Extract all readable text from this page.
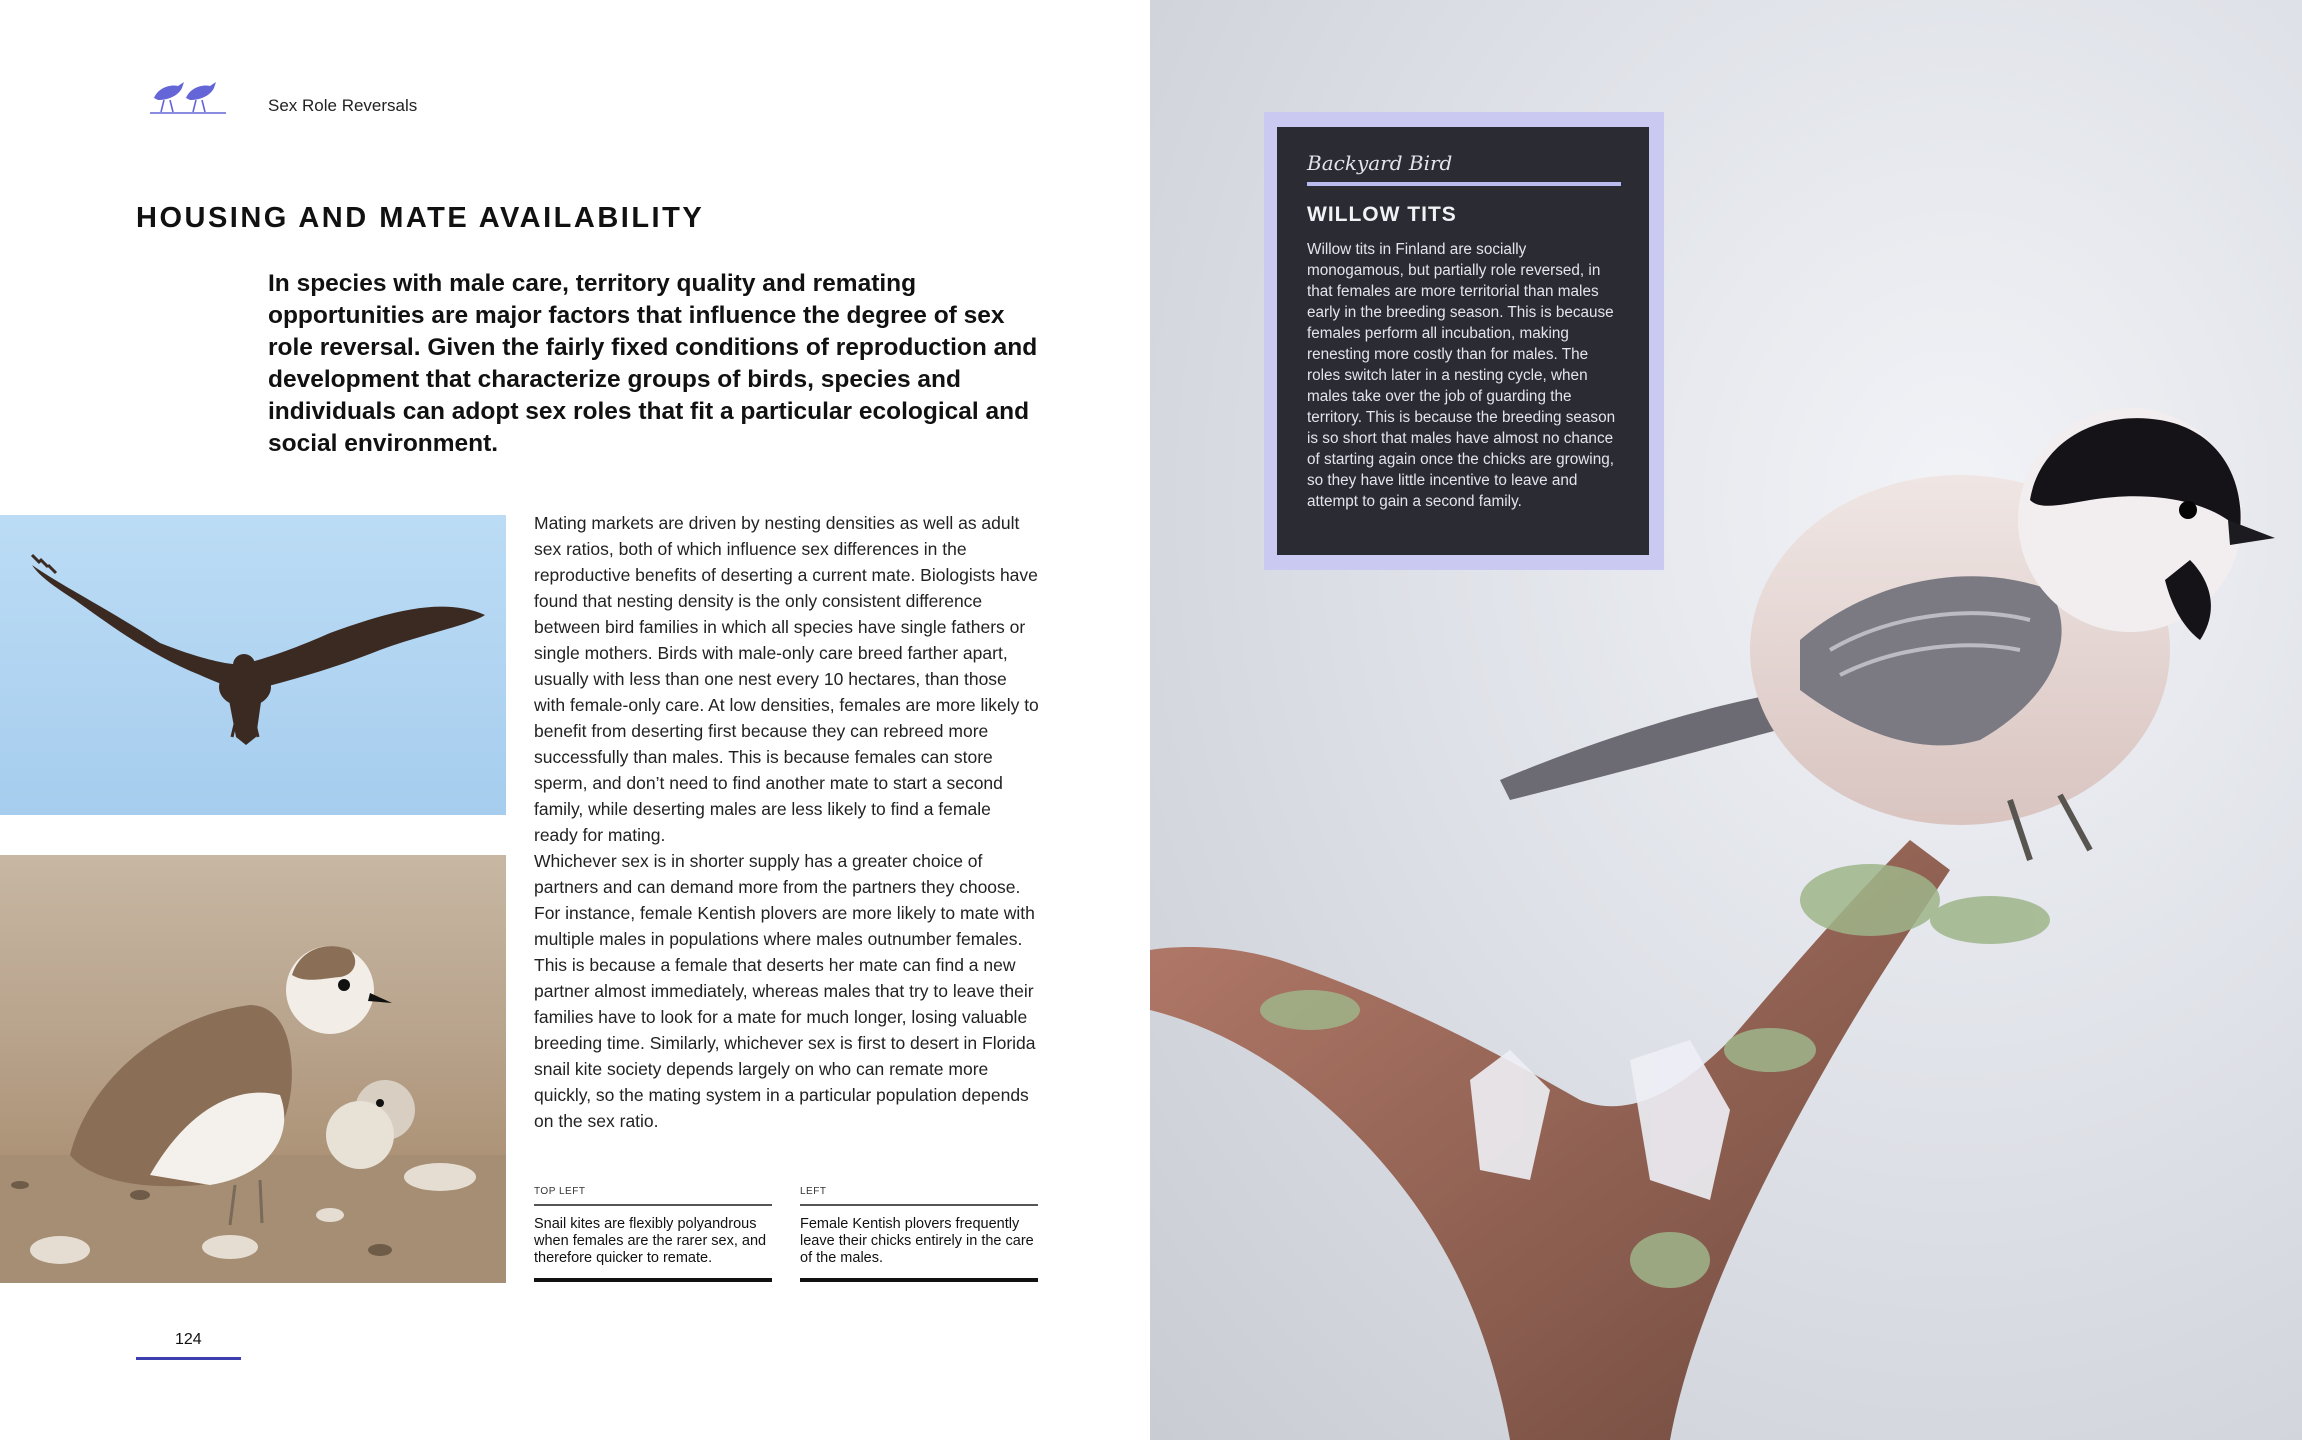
Sex Role Reversals
HOUSING AND MATE AVAILABILITY

In species with male care, territory quality and remating opportunities are major factors that influence the degree of sex role reversal. Given the fairly fixed conditions of reproduction and development that characterize groups of birds, species and individuals can adopt sex roles that fit a particular ecological and social environment.

Mating markets are driven by nesting densities as well as adult sex ratios, both of which influence sex differences in the reproductive benefits of deserting a current mate. Biologists have found that nesting density is the only consistent difference between bird families in which all species have single fathers or single mothers. Birds with male-only care breed farther apart, usually with less than one nest every 10 hectares, than those with female-only care. At low densities, females are more likely to benefit from deserting first because they can rebreed more successfully than males. This is because females can store sperm, and don’t need to find another mate to start a second family, while deserting males are less likely to find a female ready for mating.

Whichever sex is in shorter supply has a greater choice of partners and can demand more from the partners they choose. For instance, female Kentish plovers are more likely to mate with multiple males in populations where males outnumber females. This is because a female that deserts her mate can find a new partner almost immediately, whereas males that try to leave their families have to look for a mate for much longer, losing valuable breeding time. Similarly, whichever sex is first to desert in Florida snail kite society depends largely on who can remate more quickly, so the mating system in a particular population depends on the sex ratio.

TOP LEFT

Snail kites are flexibly polyandrous when females are the rarer sex, and therefore quicker to remate.

LEFT

Female Kentish plovers frequently leave their chicks entirely in the care of the males.

124
Backyard Bird
WILLOW TITS

Willow tits in Finland are socially monogamous, but partially role reversed, in that females are more territorial than males early in the breeding season. This is because females perform all incubation, making renesting more costly than for males. The roles switch later in a nesting cycle, when males take over the job of guarding the territory. This is because the breeding season is so short that males have almost no chance of starting again once the chicks are growing, so they have little incentive to leave and attempt to gain a second family.
